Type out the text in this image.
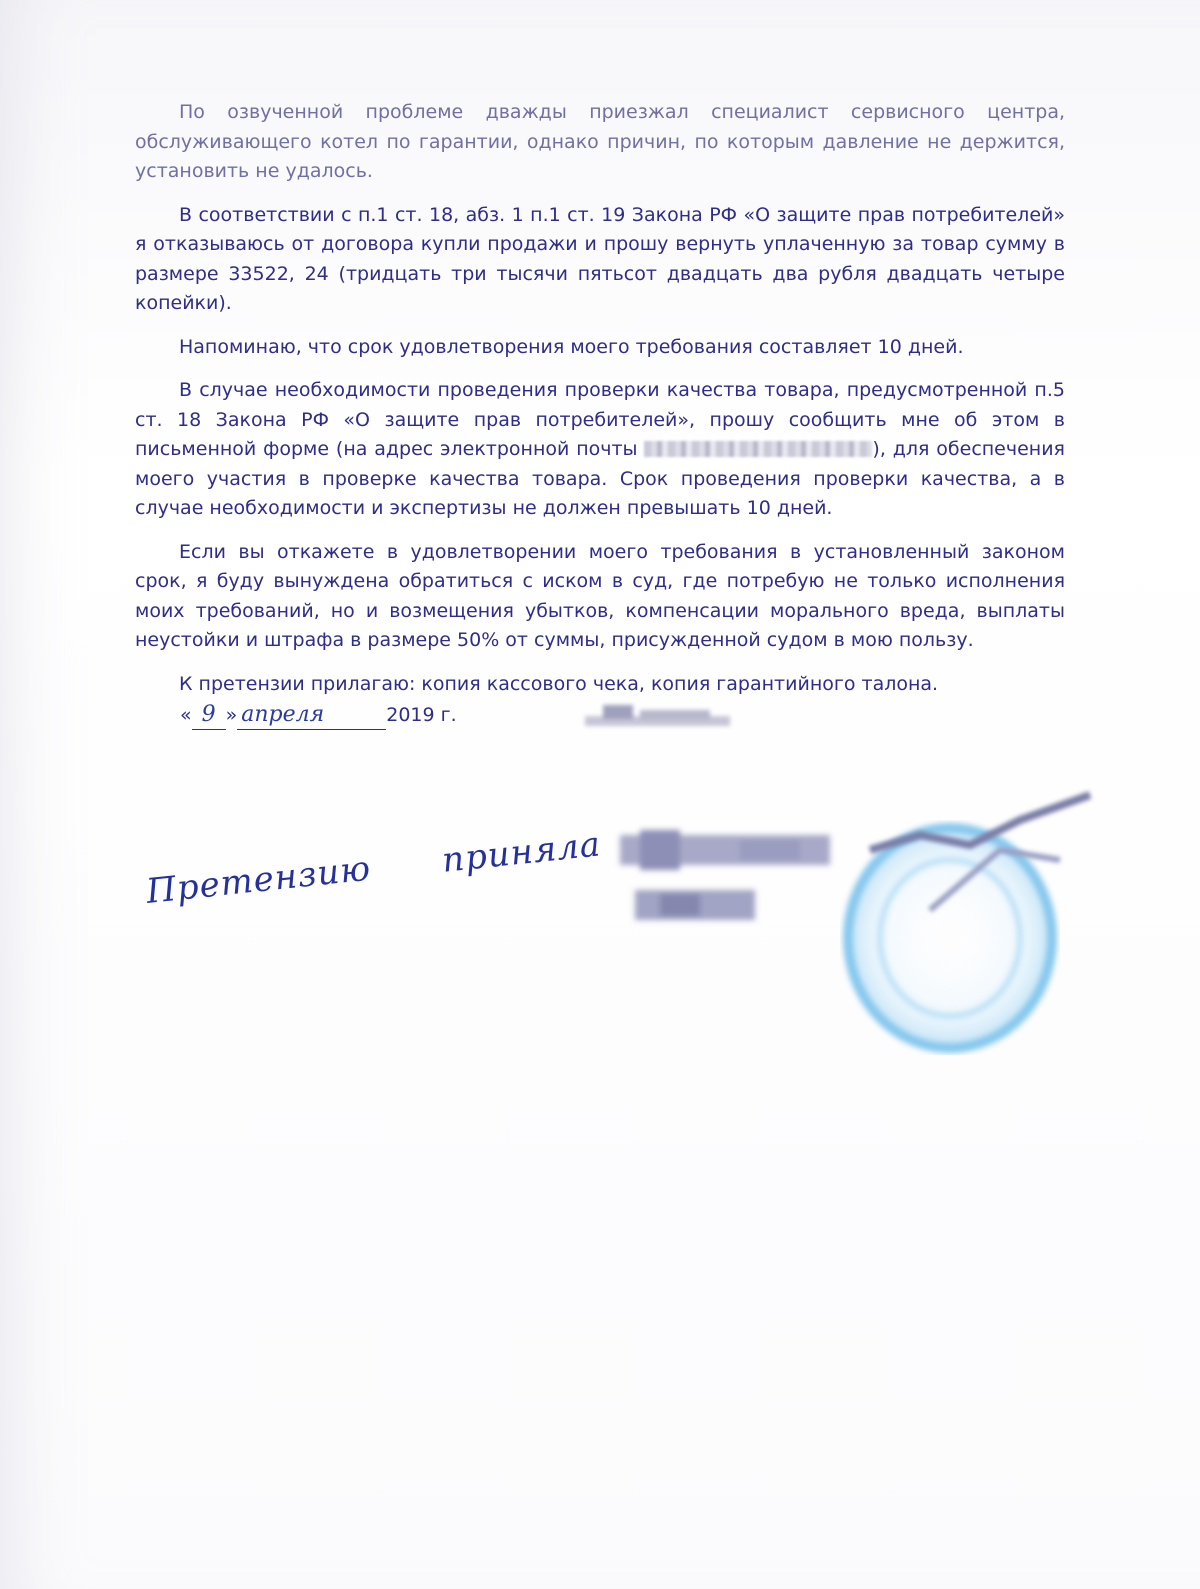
По озвученной проблеме дважды приезжал специалист сервисного центра, обслуживающего котел по гарантии, однако причин, по которым давление не держится, установить не удалось.

В соответствии с п.1 ст. 18, абз. 1 п.1 ст. 19 Закона РФ «О защите прав потребителей» я отказываюсь от договора купли продажи и прошу вернуть уплаченную за товар сумму в размере 33522, 24 (тридцать три тысячи пятьсот двадцать два рубля двадцать четыре копейки).

Напоминаю, что срок удовлетворения моего требования составляет 10 дней.

В случае необходимости проведения проверки качества товара, предусмотренной п.5 ст. 18 Закона РФ «О защите прав потребителей», прошу сообщить мне об этом в письменной форме (на адрес электронной почты	), для обеспечения моего участия в проверке качества товара. Срок проведения проверки качества, а в случае необходимости и экспертизы не должен превышать 10 дней.

Если вы откажете в удовлетворении моего требования в установленный законом срок, я буду вынуждена обратиться с иском в суд, где потребую не только исполнения моих требований, но и возмещения убытков, компенсации морального вреда, выплаты неустойки и штрафа в размере 50% от суммы, присужденной судом в мою пользу.

К претензии прилагаю: копия кассового чека, копия гарантийного талона.

« 9 » апреля	2019 г.
Претензию приняла
